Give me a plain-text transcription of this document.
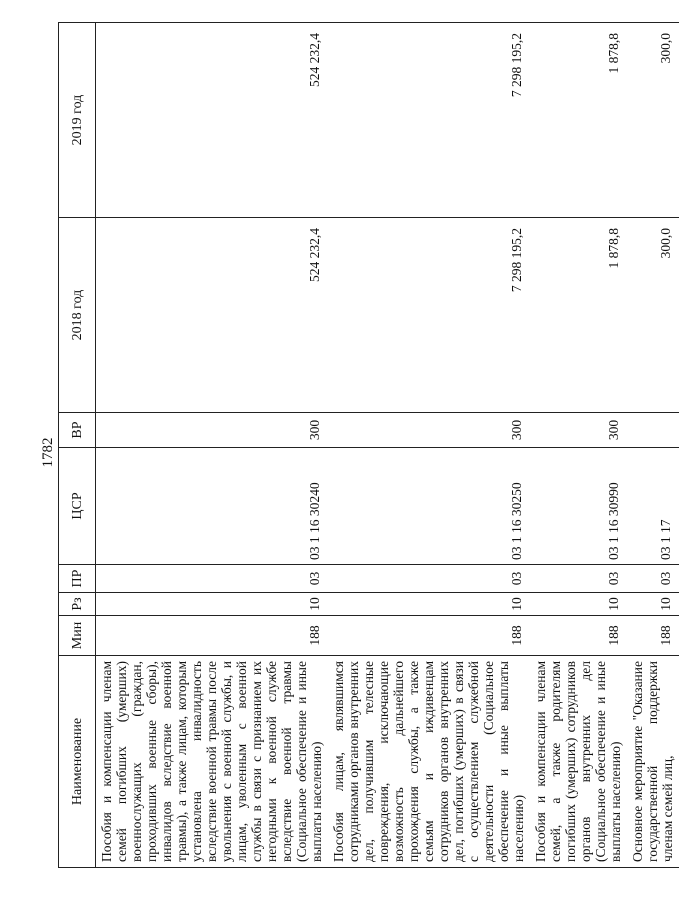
1782
Наименование	Мин	Рз	ПР	ЦСР	ВР	2018 год	2019 год
Пособия и компенсации членам семей погибших (умерших) военнослужащих (граждан, проходивших военные сборы), инвалидов вследствие военной травмы), а также лицам, которым установлена инвалидность вследствие военной травмы после увольнения с военной службы, и лицам, уволенным с военной службы в связи с признанием их негодными к военной службе вследствие военной травмы (Социальное обеспечение и иные выплаты населению)	188	10	03	03 1 16 30240	300	524 232,4	524 232,4
Пособия лицам, являвшимся сотрудниками органов внутренних дел, получившим телесные повреждения, исключающие возможность дальнейшего прохождения службы, а также семьям и иждивенцам сотрудников органов внутренних дел, погибших (умерших) в связи с осуществлением служебной деятельности (Социальное обеспечение и иные выплаты населению)	188	10	03	03 1 16 30250	300	7 298 195,2	7 298 195,2
Пособия и компенсации членам семей, а также родителям погибших (умерших) сотрудников органов внутренних дел (Социальное обеспечение и иные выплаты населению)	188	10	03	03 1 16 30990	300	1 878,8	1 878,8
Основное мероприятие "Оказание государственной поддержки членам семей лиц,	188	10	03	03 1 17		300,0	300,0
